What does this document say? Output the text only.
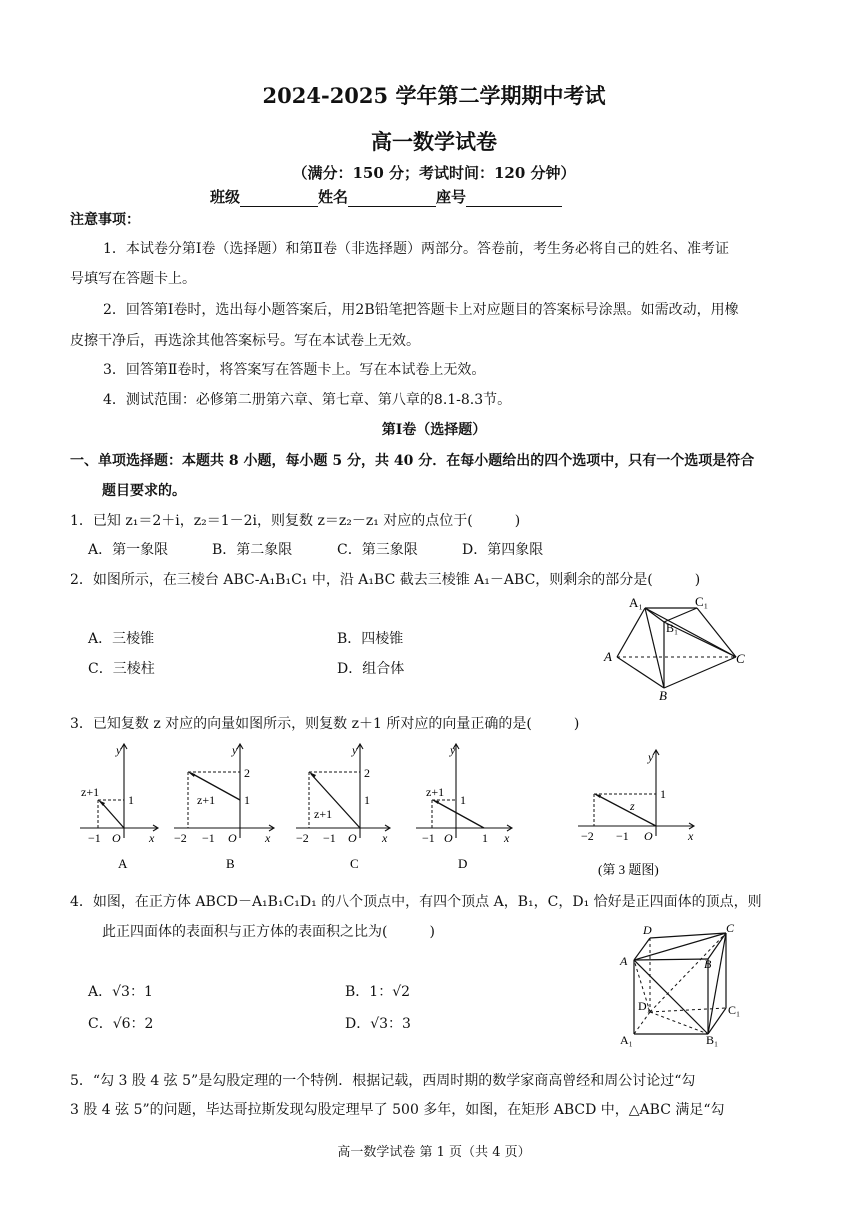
2024-2025 学年第二学期期中考试
高一数学试卷
（满分：150 分；考试时间：120 分钟）
班级	姓名	座号
注意事项：
1．本试卷分第Ⅰ卷（选择题）和第Ⅱ卷（非选择题）两部分。答卷前，考生务必将自己的姓名、准考证
号填写在答题卡上。
2．回答第Ⅰ卷时，选出每小题答案后，用2B铅笔把答题卡上对应题目的答案标号涂黑。如需改动，用橡
皮擦干净后，再选涂其他答案标号。写在本试卷上无效。
3．回答第Ⅱ卷时，将答案写在答题卡上。写在本试卷上无效。
4．测试范围：必修第二册第六章、第七章、第八章的8.1-8.3节。
第Ⅰ卷（选择题）
一、单项选择题：本题共 8 小题，每小题 5 分，共 40 分．在每小题给出的四个选项中，只有一个选项是符合
题目要求的。
1．已知 z₁＝2＋i，z₂＝1－2i，则复数 z＝z₂－z₁ 对应的点位于(　　　)
A．第一象限	B．第二象限	C．第三象限	D．第四象限
2．如图所示，在三棱台 ABC-A₁B₁C₁ 中，沿 A₁BC 截去三棱锥 A₁－ABC，则剩余的部分是(　　　)
A．三棱锥	B．四棱锥
C．三棱柱	D．组合体
A₁	C₁
B₁
A	C
B
3．已知复数 z 对应的向量如图所示，则复数 z＋1 所对应的向量正确的是(　　　)
y
x
O
−1
1
z+1
A
y
x
O
−2 −1
1
2
z+1
B
y
x
O
−2 −1
1
2
z+1
C
y
x
O
−1	1
1
z+1
D
y
x
O
−2 −1
1
z
(第 3 题图)
4．如图，在正方体 ABCD－A₁B₁C₁D₁ 的八个顶点中，有四个顶点 A，B₁，C，D₁ 恰好是正四面体的顶点，则
此正四面体的表面积与正方体的表面积之比为(　　　)
A．√3：1	B．1：√2
C．√6：2	D．√3：3
D	C
A	B
D₁	C₁
A₁	B₁
5．“勾 3 股 4 弦 5”是勾股定理的一个特例．根据记载，西周时期的数学家商高曾经和周公讨论过“勾
3 股 4 弦 5”的问题，毕达哥拉斯发现勾股定理早了 500 多年，如图，在矩形 ABCD 中，△ABC 满足“勾
高一数学试卷 第 1 页（共 4 页）
